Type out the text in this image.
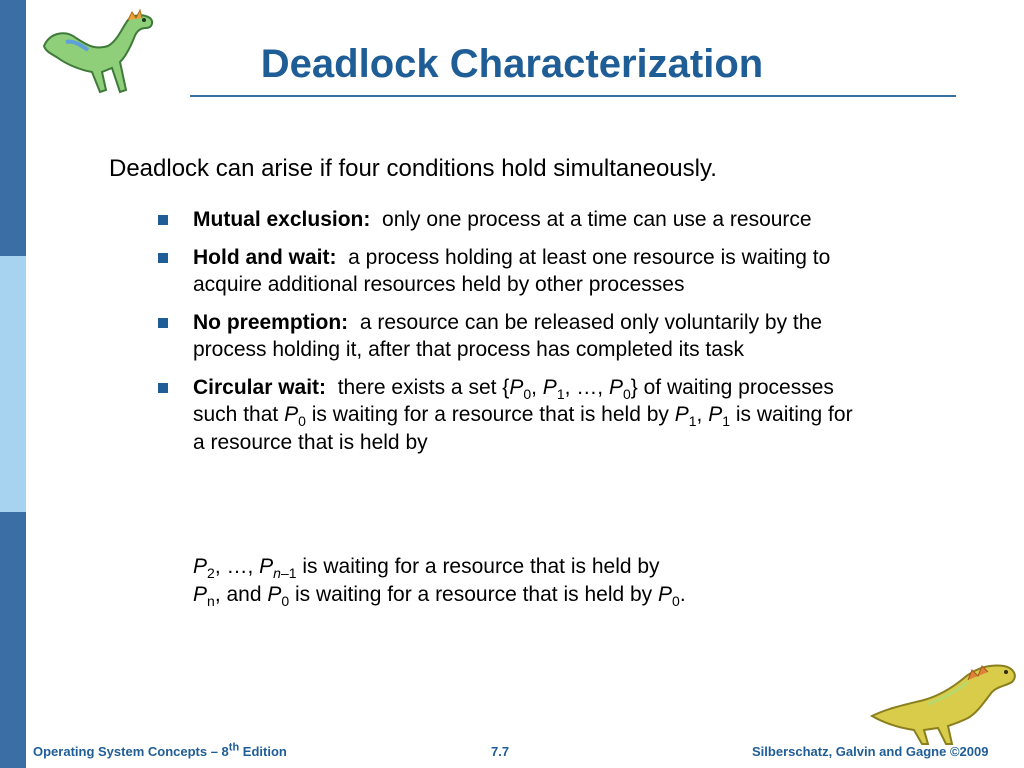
Deadlock Characterization

Deadlock can arise if four conditions hold simultaneously.

Mutual exclusion: only one process at a time can use a resource
Hold and wait: a process holding at least one resource is waiting to acquire additional resources held by other processes
No preemption: a resource can be released only voluntarily by the process holding it, after that process has completed its task
Circular wait: there exists a set {$P_0$, $P_1$, …, $P_0$} of waiting processes such that $P_0$ is waiting for a resource that is held by $P_1$, $P_1$ is waiting for a resource that is held by

$P_2$, …, $P_{n-1}$ is waiting for a resource that is held by
$P_n$, and $P_0$ is waiting for a resource that is held by $P_0$.

Operating System Concepts – 8th Edition	7.7	Silberschatz, Galvin and Gagne ©2009
